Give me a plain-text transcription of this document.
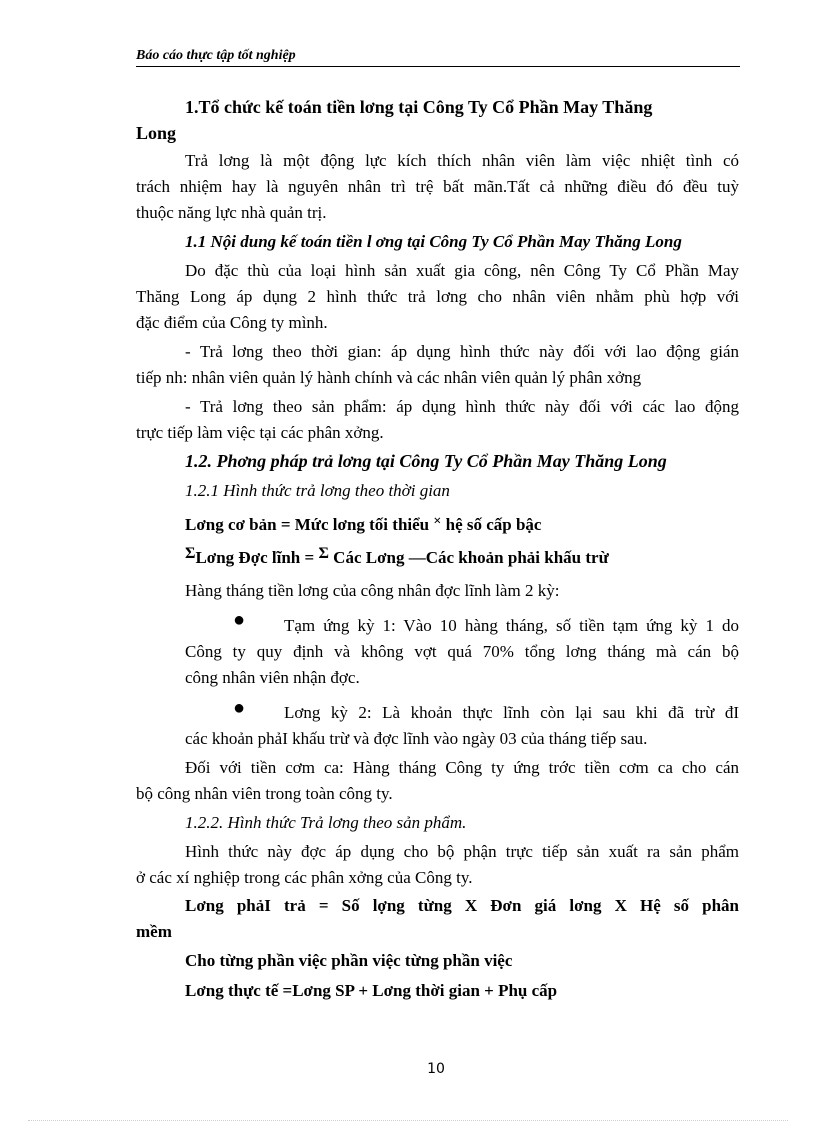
Báo cáo thực tập tốt nghiệp
1.Tổ chức kế toán tiền lơng tại Công Ty Cổ Phần May Thăng
Long
Trả lơng là một động lực kích thích nhân viên làm việc nhiệt tình có
trách nhiệm hay là nguyên nhân trì trệ bất mãn.Tất cả những điều đó đều tuỳ
thuộc năng lực nhà quản trị.
1.1 Nội dung kế toán tiền l ơng tại Công Ty Cổ Phần May Thăng Long
Do đặc thù của loại hình sản xuất gia công, nên Công Ty Cổ Phần May
Thăng Long áp dụng 2 hình thức trả lơng cho nhân viên nhằm phù hợp với
đặc điểm của Công ty mình.
- Trả lơng theo thời gian: áp dụng hình thức này đối với lao động gián
tiếp nh: nhân viên quản lý hành chính và các nhân viên quản lý phân xởng
- Trả lơng theo sản phẩm: áp dụng hình thức này đối với các lao động
trực tiếp làm việc tại các phân xởng.
1.2. Phơng pháp trả lơng tại Công Ty Cổ Phần May Thăng Long
1.2.1 Hình thức trả lơng theo thời gian
Lơng cơ bản = Mức lơng tối thiểu × hệ số cấp bậc
ΣLơng Đợc lĩnh = Σ Các Lơng —Các khoản phải khấu trừ
Hàng tháng tiền lơng của công nhân đợc lĩnh làm 2 kỳ:
● Tạm ứng kỳ 1: Vào 10 hàng tháng, số tiền tạm ứng kỳ 1 do
Công ty quy định và không vợt quá 70% tổng lơng tháng mà cán bộ
công nhân viên nhận đợc.
● Lơng kỳ 2: Là khoản thực lĩnh còn lại sau khi đã trừ đI
các khoản phảI khấu trừ và đợc lĩnh vào ngày 03 của tháng tiếp sau.
Đối với tiền cơm ca: Hàng tháng Công ty ứng trớc tiền cơm ca cho cán
bộ công nhân viên trong toàn công ty.
1.2.2. Hình thức Trả lơng theo sản phẩm.
Hình thức này đợc áp dụng cho bộ phận trực tiếp sản xuất ra sản phẩm
ở các xí nghiệp trong các phân xởng của Công ty.
Lơng phảI trả = Số lợng từng X Đơn giá lơng X Hệ số phân
mềm
Cho từng phần việc phần việc từng phần việc
Lơng thực tế =Lơng SP + Lơng thời gian + Phụ cấp
10
